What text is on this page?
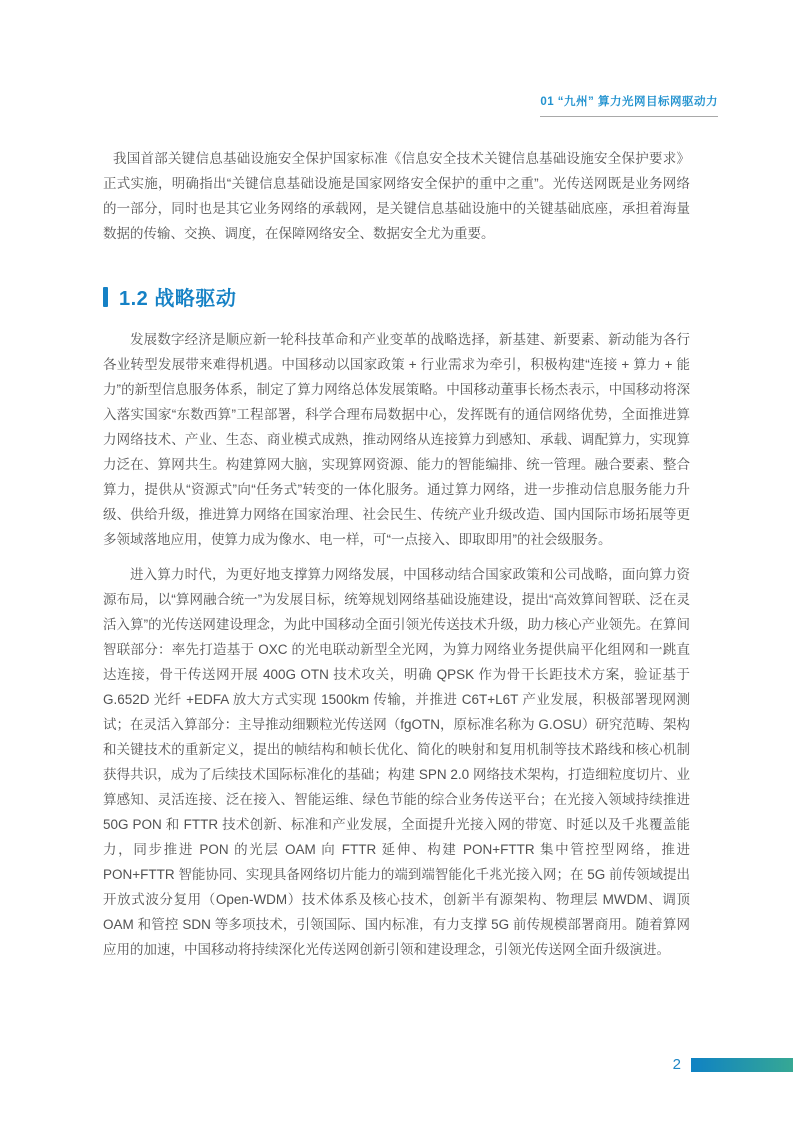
01 “九州” 算力光网目标网驱动力

我国首部关键信息基础设施安全保护国家标准《信息安全技术关键信息基础设施安全保护要求》正式实施，明确指出“关键信息基础设施是国家网络安全保护的重中之重”。光传送网既是业务网络的一部分，同时也是其它业务网络的承载网，是关键信息基础设施中的关键基础底座，承担着海量数据的传输、交换、调度，在保障网络安全、数据安全尤为重要。

1.2 战略驱动

发展数字经济是顺应新一轮科技革命和产业变革的战略选择，新基建、新要素、新动能为各行各业转型发展带来难得机遇。中国移动以国家政策 + 行业需求为牵引，积极构建“连接 + 算力 + 能力”的新型信息服务体系，制定了算力网络总体发展策略。中国移动董事长杨杰表示，中国移动将深入落实国家“东数西算”工程部署，科学合理布局数据中心，发挥既有的通信网络优势，全面推进算力网络技术、产业、生态、商业模式成熟，推动网络从连接算力到感知、承载、调配算力，实现算力泛在、算网共生。构建算网大脑，实现算网资源、能力的智能编排、统一管理。融合要素、整合算力，提供从“资源式”向“任务式”转变的一体化服务。通过算力网络，进一步推动信息服务能力升级、供给升级，推进算力网络在国家治理、社会民生、传统产业升级改造、国内国际市场拓展等更多领域落地应用，使算力成为像水、电一样，可“一点接入、即取即用”的社会级服务。

进入算力时代，为更好地支撑算力网络发展，中国移动结合国家政策和公司战略，面向算力资源布局，以“算网融合统一”为发展目标，统筹规划网络基础设施建设，提出“高效算间智联、泛在灵活入算”的光传送网建设理念，为此中国移动全面引领光传送技术升级，助力核心产业领先。在算间智联部分：率先打造基于 OXC 的光电联动新型全光网，为算力网络业务提供扁平化组网和一跳直达连接，骨干传送网开展 400G OTN 技术攻关，明确 QPSK 作为骨干长距技术方案，验证基于 G.652D 光纤 +EDFA 放大方式实现 1500km 传输，并推进 C6T+L6T 产业发展，积极部署现网测试；在灵活入算部分：主导推动细颗粒光传送网（fgOTN，原标准名称为 G.OSU）研究范畴、架构和关键技术的重新定义，提出的帧结构和帧长优化、简化的映射和复用机制等技术路线和核心机制获得共识，成为了后续技术国际标准化的基础；构建 SPN 2.0 网络技术架构，打造细粒度切片、业算感知、灵活连接、泛在接入、智能运维、绿色节能的综合业务传送平台；在光接入领域持续推进 50G PON 和 FTTR 技术创新、标准和产业发展，全面提升光接入网的带宽、时延以及千兆覆盖能力，同步推进 PON 的光层 OAM 向 FTTR 延伸、构建 PON+FTTR 集中管控型网络，推进 PON+FTTR 智能协同、实现具备网络切片能力的端到端智能化千兆光接入网；在 5G 前传领域提出开放式波分复用（Open-WDM）技术体系及核心技术，创新半有源架构、物理层 MWDM、调顶 OAM 和管控 SDN 等多项技术，引领国际、国内标准，有力支撑 5G 前传规模部署商用。随着算网应用的加速，中国移动将持续深化光传送网创新引领和建设理念，引领光传送网全面升级演进。

2
